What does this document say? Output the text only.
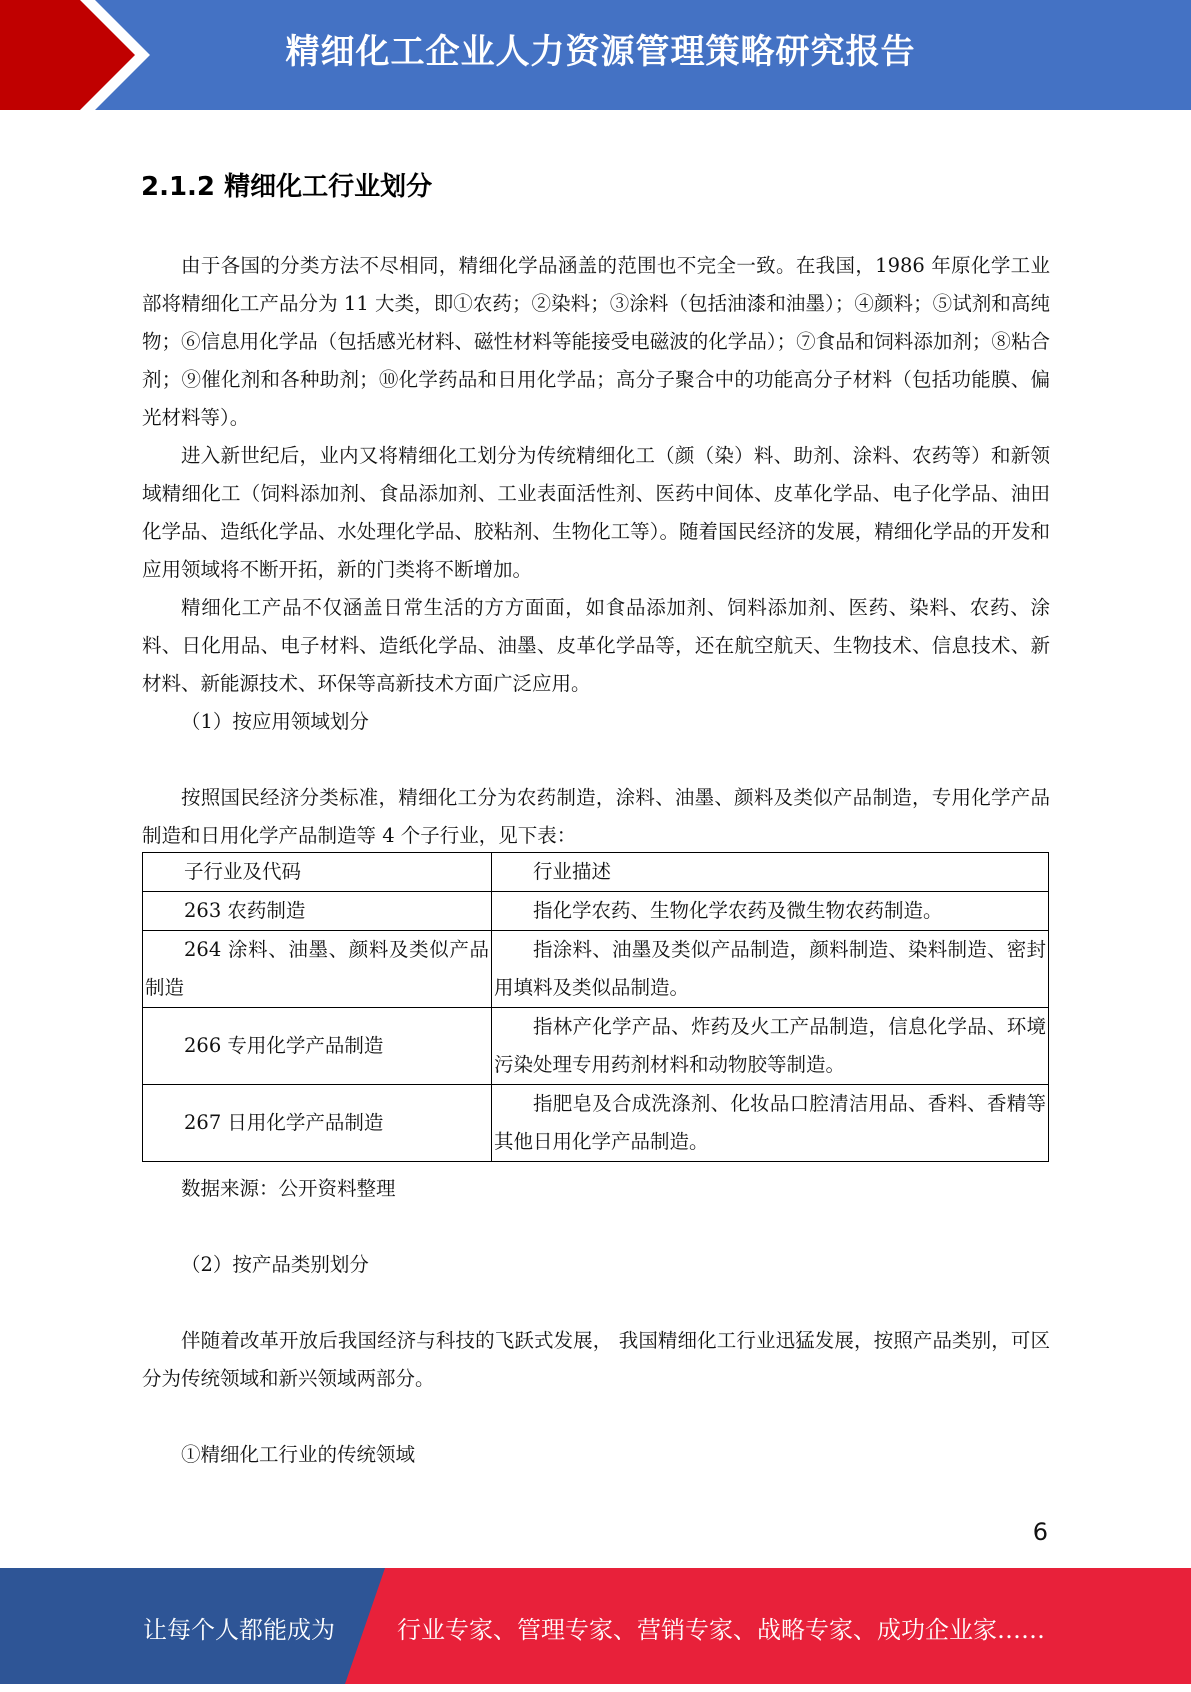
精细化工企业人力资源管理策略研究报告
2.1.2 精细化工行业划分

由于各国的分类方法不尽相同，精细化学品涵盖的范围也不完全一致。在我国，1986 年原化学工业部将精细化工产品分为 11 大类，即①农药；②染料；③涂料（包括油漆和油墨）；④颜料；⑤试剂和高纯物；⑥信息用化学品（包括感光材料、磁性材料等能接受电磁波的化学品）；⑦食品和饲料添加剂；⑧粘合剂；⑨催化剂和各种助剂；⑩化学药品和日用化学品；高分子聚合中的功能高分子材料（包括功能膜、偏光材料等）。

进入新世纪后，业内又将精细化工划分为传统精细化工（颜（染）料、助剂、涂料、农药等）和新领域精细化工（饲料添加剂、食品添加剂、工业表面活性剂、医药中间体、皮革化学品、电子化学品、油田化学品、造纸化学品、水处理化学品、胶粘剂、生物化工等）。随着国民经济的发展，精细化学品的开发和应用领域将不断开拓，新的门类将不断增加。

精细化工产品不仅涵盖日常生活的方方面面，如食品添加剂、饲料添加剂、医药、染料、农药、涂料、日化用品、电子材料、造纸化学品、油墨、皮革化学品等，还在航空航天、生物技术、信息技术、新材料、新能源技术、环保等高新技术方面广泛应用。

（1）按应用领域划分

按照国民经济分类标准，精细化工分为农药制造，涂料、油墨、颜料及类似产品制造，专用化学产品制造和日用化学产品制造等 4 个子行业，见下表：

子行业及代码	行业描述
263 农药制造	指化学农药、生物化学农药及微生物农药制造。
264 涂料、油墨、颜料及类似产品制造	指涂料、油墨及类似产品制造，颜料制造、染料制造、密封用填料及类似品制造。
266 专用化学产品制造	指林产化学产品、炸药及火工产品制造，信息化学品、环境污染处理专用药剂材料和动物胶等制造。
267 日用化学产品制造	指肥皂及合成洗涤剂、化妆品口腔清洁用品、香料、香精等其他日用化学产品制造。

数据来源：公开资料整理

（2）按产品类别划分

伴随着改革开放后我国经济与科技的飞跃式发展， 我国精细化工行业迅猛发展，按照产品类别，可区分为传统领域和新兴领域两部分。

①精细化工行业的传统领域

6
让每个人都能成为	行业专家、管理专家、营销专家、战略专家、成功企业家……
